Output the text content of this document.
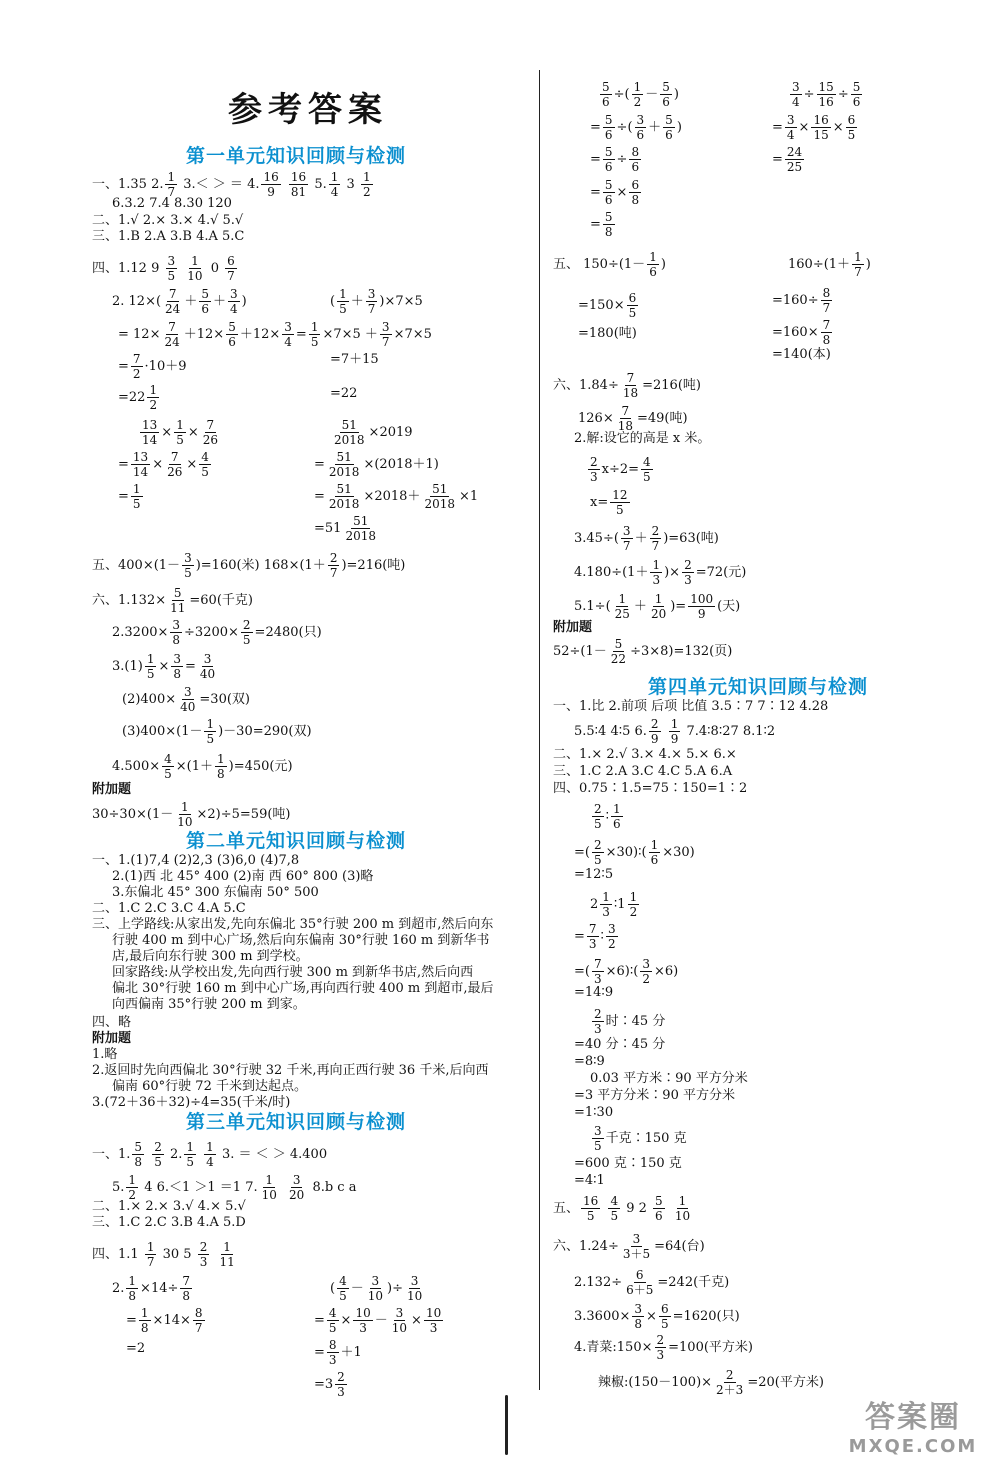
参考答案
第一单元知识回顾与检测
一、1.35 2. $\frac{1}{7} 3.<$ ＞ ＝ 4. $\frac{16}{9}$
$\frac{16}{81} 5$. $\frac{1}{4} 3 \frac{1}{2}$
6.3.2 7.4 8.30 120
二、1.√ 2.× 3.× 4.√ 5.√
三、1.B 2.A 3.B 4.A 5.C
四、1.12 $9 \frac{3}{5}$
$\frac{1}{10} 0 \frac{6}{7}$
2. $12\times( \frac{7}{24} + \frac{5}{6} + \frac{3}{4}$ )	( $\frac{1}{5} + \frac{3}{7} )\times 7\times 5$
= $12\times \frac{7}{24} +12\times \frac{5}{6} +12\times \frac{3}{4} = \frac{1}{5} \times 7\times 5 + \frac{3}{7} \times 7\times 5$
= $\frac{7}{2} \cdot 10+9$	=7＋15
$=22 \frac{1}{2}$	=22
$\frac{13}{14} \times \frac{1}{5} \times \frac{7}{26}$
= $\frac{13}{14} \times \frac{7}{26} \times \frac{4}{5}$
= $\frac{1}{5}$
$\frac{51}{2018} \times 2019$
= $\frac{51}{2018} \times(2018+1)$
= $\frac{51}{2018} \times 2018+ \frac{51}{2018} \times 1$
$=51 \frac{51}{2018}$
五、$400\times(1- \frac{3}{5} )=160$(米) $168\times(1+ \frac{2}{7} )=216$(吨)
六、$1.132\times \frac{5}{11} =60$(千克)
$2.3200\times \frac{3}{8} \div 3200\times \frac{2}{5} =2480$(只)
$3.(1) \frac{1}{5} \times \frac{3}{8} = \frac{3}{40}$
$(2)400\times \frac{3}{40} =30$(双)
$(3)400\times(1- \frac{1}{5} )-30=290$(双)
$4.500\times \frac{4}{5} \times(1+ \frac{1}{8} )=450$(元)
附加题
$30\div 30\times(1- \frac{1}{10} \times 2)\div 5=59$(吨)
第二单元知识回顾与检测
一、1.(1)7,4 (2)2,3 (3)6,0 (4)7,8
2.(1)西 北 45° 400 (2)南 西 60° 800 (3)略
3.东偏北 45° 300 东偏南 50° 500
二、1.C 2.C 3.C 4.A 5.C
三、上学路线:从家出发,先向东偏北 35°行驶 200 m 到超市,然后向东
行驶 400 m 到中心广场,然后向东偏南 30°行驶 160 m 到新华书
店,最后向东行驶 300 m 到学校。
回家路线:从学校出发,先向西行驶 300 m 到新华书店,然后向西
偏北 30°行驶 160 m 到中心广场,再向西行驶 400 m 到超市,最后
向西偏南 35°行驶 200 m 到家。
四、略
附加题
1.略
2.返回时先向西偏北 30°行驶 32 千米,再向正西行驶 36 千米,后向西
偏南 60°行驶 72 千米到达起点。
3.(72＋36＋32)÷4=35(千米/时)
第三单元知识回顾与检测
一、1. $\frac{5}{8}$
$\frac{2}{5} 2$. $\frac{1}{5}$
$\frac{1}{4} 3$. ＝ ＜ ＞ 4.400
5. $\frac{1}{2} 4$ 6.＜1 ＞1 ＝1 7. $\frac{1}{10}$
$\frac{3}{20} 8.b$ c a
二、1.× 2.× 3.√ 4.× 5.√
三、1.C 2.C 3.B 4.A 5.D
四、$1.1 \frac{1}{7} 30$ $5 \frac{2}{3}$
$\frac{1}{11}$
2. $\frac{1}{8} \times 14\div \frac{7}{8}$
= $\frac{1}{8} \times 14\times \frac{8}{7}$
=2
( $\frac{4}{5} - \frac{3}{10}$ )÷ $\frac{3}{10}$
= $\frac{4}{5} \times \frac{10}{3} - \frac{3}{10} \times \frac{10}{3}$
= $\frac{8}{3} +1$
$=3 \frac{2}{3}$
$\frac{5}{6}$ ÷( $\frac{1}{2} - \frac{5}{6}$ )
= $\frac{5}{6}$ ÷( $\frac{3}{6} + \frac{5}{6}$ )
= $\frac{5}{6} \div \frac{8}{6}$
= $\frac{5}{6} \times \frac{6}{8}$
= $\frac{5}{8}$
$\frac{3}{4} \div \frac{15}{16} \div \frac{5}{6}$
= $\frac{3}{4} \times \frac{16}{15} \times \frac{6}{5}$
= $\frac{24}{25}$
五、 $150\div(1- \frac{1}{6}$ )
$=150\times \frac{6}{5}$
=180(吨)
$160\div(1+ \frac{1}{7}$ )
$=160\div \frac{8}{7}$
$=160\times \frac{7}{8}$
=140(本)
六、$1.84\div \frac{7}{18} =216$(吨)
$126\times \frac{7}{18} =49$(吨)
2.解:设它的高是 x 米。
$\frac{2}{3} x\div 2= \frac{4}{5}$
$x= \frac{12}{5}$
$3.45\div( \frac{3}{7} + \frac{2}{7} )=63$(吨)
$4.180\div(1+ \frac{1}{3}$ )× $\frac{2}{3} =72$(元)
$5.1\div( \frac{1}{25} + \frac{1}{20}$ )= $\frac{100}{9}$ (天)
附加题
$52\div(1- \frac{5}{22} \div 3\times 8)=132$(页)
第四单元知识回顾与检测
一、1.比 2.前项 后项 比值 3.5∶7 7∶12 4.28
5.5∶4 4∶5 6. $\frac{2}{9}$
$\frac{1}{9}$ 7.4∶8∶27 8.1∶2
二、1.× 2.√ 3.× 4.× 5.× 6.×
三、1.C 2.A 3.C 4.C 5.A 6.A
四、0.75∶1.5=75∶150=1∶2
$\frac{2}{5}$ ∶ $\frac{1}{6}$
=( $\frac{2}{5}$ ×30)∶( $\frac{1}{6} \times 30$)
=12∶5
$2 \frac{1}{3}$ ∶1 $\frac{1}{2}$
= $\frac{7}{3}$ ∶ $\frac{3}{2}$
=( $\frac{7}{3}$ ×6)∶( $\frac{3}{2} \times 6$)
=14∶9
$\frac{2}{3}$ 时∶45 分
=40 分∶45 分
=8∶9
0.03 平方米∶90 平方分米
=3 平方分米∶90 平方分米
=1∶30
$\frac{3}{5}$ 千克∶150 克
=600 克∶150 克
=4∶1
五、 $\frac{16}{5}$
$\frac{4}{5} 9$ $2 \frac{5}{6}$
$\frac{1}{10}$
六、$1.24\div \frac{3}{3+5} =64$(台)
$2.132\div \frac{6}{6+5} =242$(千克)
$3.3600\times \frac{3}{8} \times \frac{6}{5} =1620$(只)
4.青菜:150× $\frac{2}{3} =100$(平方米)
辣椒:(150－100)× $\frac{2}{2+3} =20$(平方米)
答案圈
MXQE.COM
